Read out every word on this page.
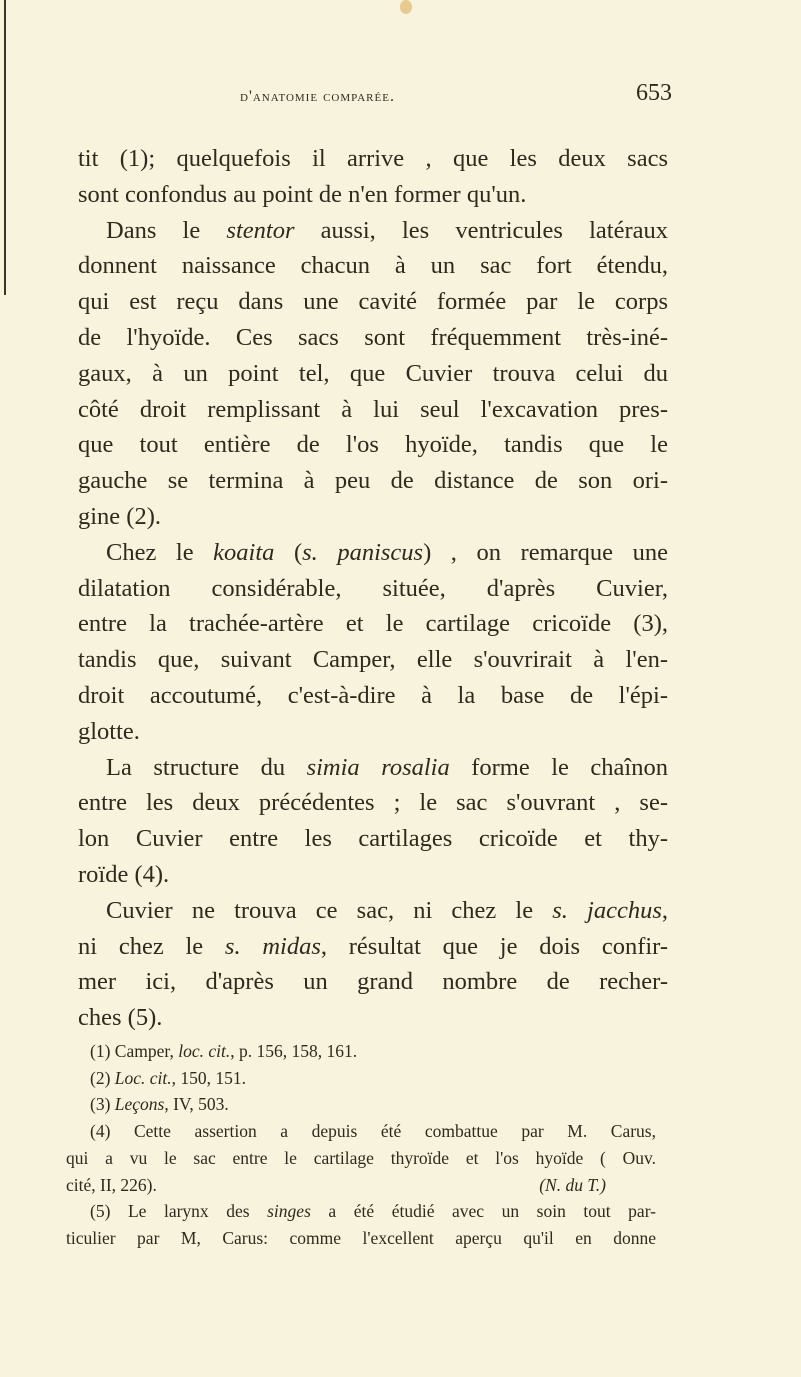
d'anatomie comparée.	653
tit (1); quelquefois il arrive , que les deux sacs
sont confondus au point de n'en former qu'un.
Dans le stentor aussi, les ventricules latéraux
donnent naissance chacun à un sac fort étendu,
qui est reçu dans une cavité formée par le corps
de l'hyoïde. Ces sacs sont fréquemment très-iné-
gaux, à un point tel, que Cuvier trouva celui du
côté droit remplissant à lui seul l'excavation pres-
que tout entière de l'os hyoïde, tandis que le
gauche se termina à peu de distance de son ori-
gine (2).
Chez le koaita (s. paniscus) , on remarque une
dilatation considérable, située, d'après Cuvier,
entre la trachée-artère et le cartilage cricoïde (3),
tandis que, suivant Camper, elle s'ouvrirait à l'en-
droit accoutumé, c'est-à-dire à la base de l'épi-
glotte.
La structure du simia rosalia forme le chaînon
entre les deux précédentes ; le sac s'ouvrant , se-
lon Cuvier entre les cartilages cricoïde et thy-
roïde (4).
Cuvier ne trouva ce sac, ni chez le s. jacchus,
ni chez le s. midas, résultat que je dois confir-
mer ici, d'après un grand nombre de recher-
ches (5).
(1) Camper, loc. cit., p. 156, 158, 161.
(2) Loc. cit., 150, 151.
(3) Leçons, IV, 503.
(4) Cette assertion a depuis été combattue par M. Carus,
qui a vu le sac entre le cartilage thyroïde et l'os hyoïde ( Ouv.
cité, II, 226).	(N. du T.)
(5) Le larynx des singes a été étudié avec un soin tout par-
ticulier par M, Carus: comme l'excellent aperçu qu'il en donne
